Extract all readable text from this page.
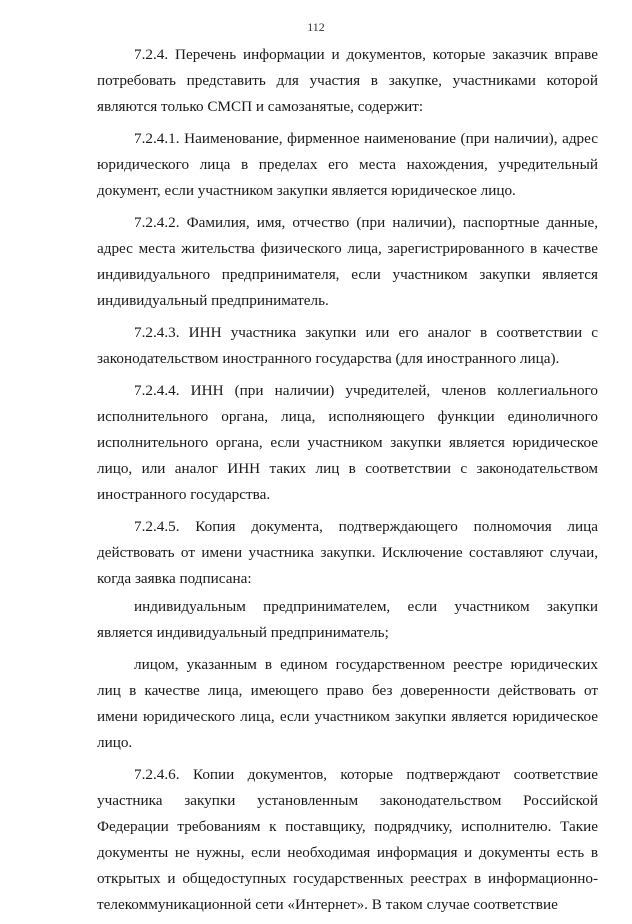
112

7.2.4. Перечень информации и документов, которые заказчик вправе потребовать представить для участия в закупке, участниками которой являются только СМСП и самозанятые, содержит:

7.2.4.1. Наименование, фирменное наименование (при наличии), адрес юридического лица в пределах его места нахождения, учредительный документ, если участником закупки является юридическое лицо.

7.2.4.2. Фамилия, имя, отчество (при наличии), паспортные данные, адрес места жительства физического лица, зарегистрированного в качестве индивидуального предпринимателя, если участником закупки является индивидуальный предприниматель.

7.2.4.3. ИНН участника закупки или его аналог в соответствии с законодательством иностранного государства (для иностранного лица).

7.2.4.4. ИНН (при наличии) учредителей, членов коллегиального исполнительного органа, лица, исполняющего функции единоличного исполнительного органа, если участником закупки является юридическое лицо, или аналог ИНН таких лиц в соответствии с законодательством иностранного государства.

7.2.4.5. Копия документа, подтверждающего полномочия лица действовать от имени участника закупки. Исключение составляют случаи, когда заявка подписана:

индивидуальным предпринимателем, если участником закупки является индивидуальный предприниматель;

лицом, указанным в едином государственном реестре юридических лиц в качестве лица, имеющего право без доверенности действовать от имени юридического лица, если участником закупки является юридическое лицо.

7.2.4.6. Копии документов, которые подтверждают соответствие участника закупки установленным законодательством Российской Федерации требованиям к поставщику, подрядчику, исполнителю. Такие документы не нужны, если необходимая информация и документы есть в открытых и общедоступных государственных реестрах в информационно-телекоммуникационной сети «Интернет». В таком случае соответствие
